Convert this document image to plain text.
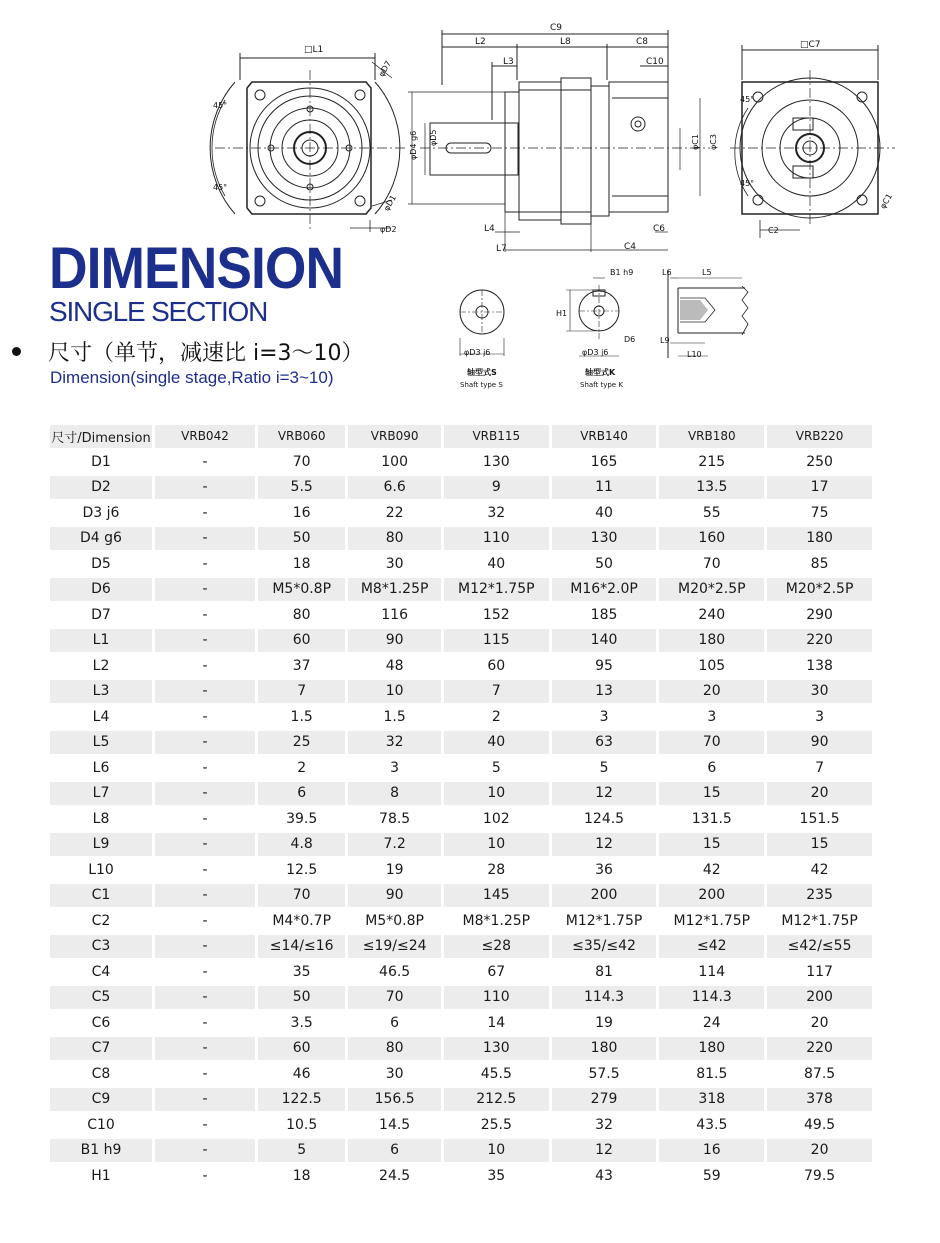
□L1
φD7
φD1
φD2
45°
45°
C9
L2	L8	C8
L3	C10
φD4 g6 φD5	φC1 φC3
L4
L7	C4
C6
□C7
C2
φC1
45°
45°
φD3 j6
轴型式S
Shaft type S
B1 h9
H1
φD3 j6
D6
轴型式K
Shaft type K
L6	L5
L9
L10
DIMENSION
SINGLE SECTION
尺寸（单节，减速比 i=3～10）
Dimension(single stage,Ratio i=3~10)
尺寸/Dimension	VRB042	VRB060	VRB090	VRB115	VRB140	VRB180	VRB220
D1	-	70	100	130	165	215	250
D2	-	5.5	6.6	9	11	13.5	17
D3 j6	-	16	22	32	40	55	75
D4 g6	-	50	80	110	130	160	180
D5	-	18	30	40	50	70	85
D6	-	M5*0.8P	M8*1.25P	M12*1.75P	M16*2.0P	M20*2.5P	M20*2.5P
D7	-	80	116	152	185	240	290
L1	-	60	90	115	140	180	220
L2	-	37	48	60	95	105	138
L3	-	7	10	7	13	20	30
L4	-	1.5	1.5	2	3	3	3
L5	-	25	32	40	63	70	90
L6	-	2	3	5	5	6	7
L7	-	6	8	10	12	15	20
L8	-	39.5	78.5	102	124.5	131.5	151.5
L9	-	4.8	7.2	10	12	15	15
L10	-	12.5	19	28	36	42	42
C1	-	70	90	145	200	200	235
C2	-	M4*0.7P	M5*0.8P	M8*1.25P	M12*1.75P	M12*1.75P	M12*1.75P
C3	-	≤14/≤16	≤19/≤24	≤28	≤35/≤42	≤42	≤42/≤55
C4	-	35	46.5	67	81	114	117
C5	-	50	70	110	114.3	114.3	200
C6	-	3.5	6	14	19	24	20
C7	-	60	80	130	180	180	220
C8	-	46	30	45.5	57.5	81.5	87.5
C9	-	122.5	156.5	212.5	279	318	378
C10	-	10.5	14.5	25.5	32	43.5	49.5
B1 h9	-	5	6	10	12	16	20
H1	-	18	24.5	35	43	59	79.5
